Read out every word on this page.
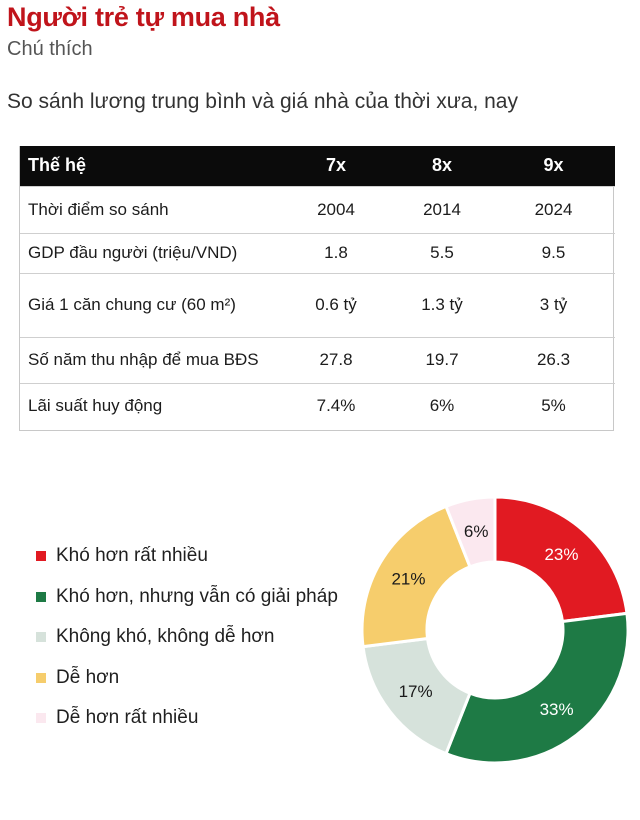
Người trẻ tự mua nhà
Chú thích
So sánh lương trung bình và giá nhà của thời xưa, nay
Thế hệ	7x	8x	9x
Thời điểm so sánh	2004	2014	2024
GDP đầu người (triệu/VND)	1.8	5.5	9.5
Giá 1 căn chung cư (60 m²)	0.6 tỷ	1.3 tỷ	3 tỷ
Số năm thu nhập để mua BĐS	27.8	19.7	26.3
Lãi suất huy động	7.4%	6%	5%
Khó hơn rất nhiều
Khó hơn, nhưng vẫn có giải pháp
Không khó, không dễ hơn
Dễ hơn
Dễ hơn rất nhiều
23%
33%
17%
21%
6%
